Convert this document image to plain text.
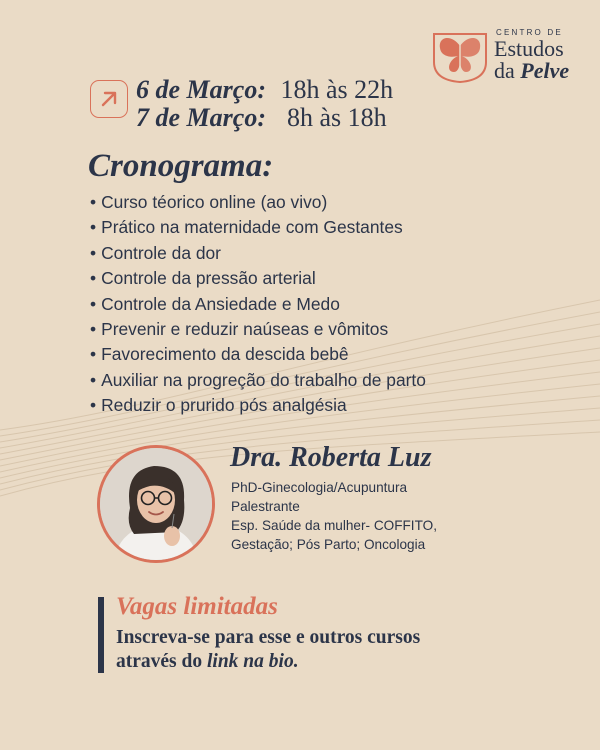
CENTRO DE
Estudos
da Pelve
6 de Março: 18h às 22h
7 de Março:  8h às 18h
Cronograma:
• Curso téorico online (ao vivo)
• Prático na maternidade com Gestantes
• Controle da dor
• Controle da pressão arterial
• Controle da Ansiedade e Medo
• Prevenir e reduzir naúseas e vômitos
• Favorecimento da descida bebê
• Auxiliar na progreção do trabalho de parto
• Reduzir o prurido pós analgésia
Dra. Roberta Luz
PhD-Ginecologia/Acupuntura
Palestrante
Esp. Saúde da mulher- COFFITO,
Gestação; Pós Parto; Oncologia
Vagas limitadas
Inscreva-se para esse e outros cursos
através do link na bio.
